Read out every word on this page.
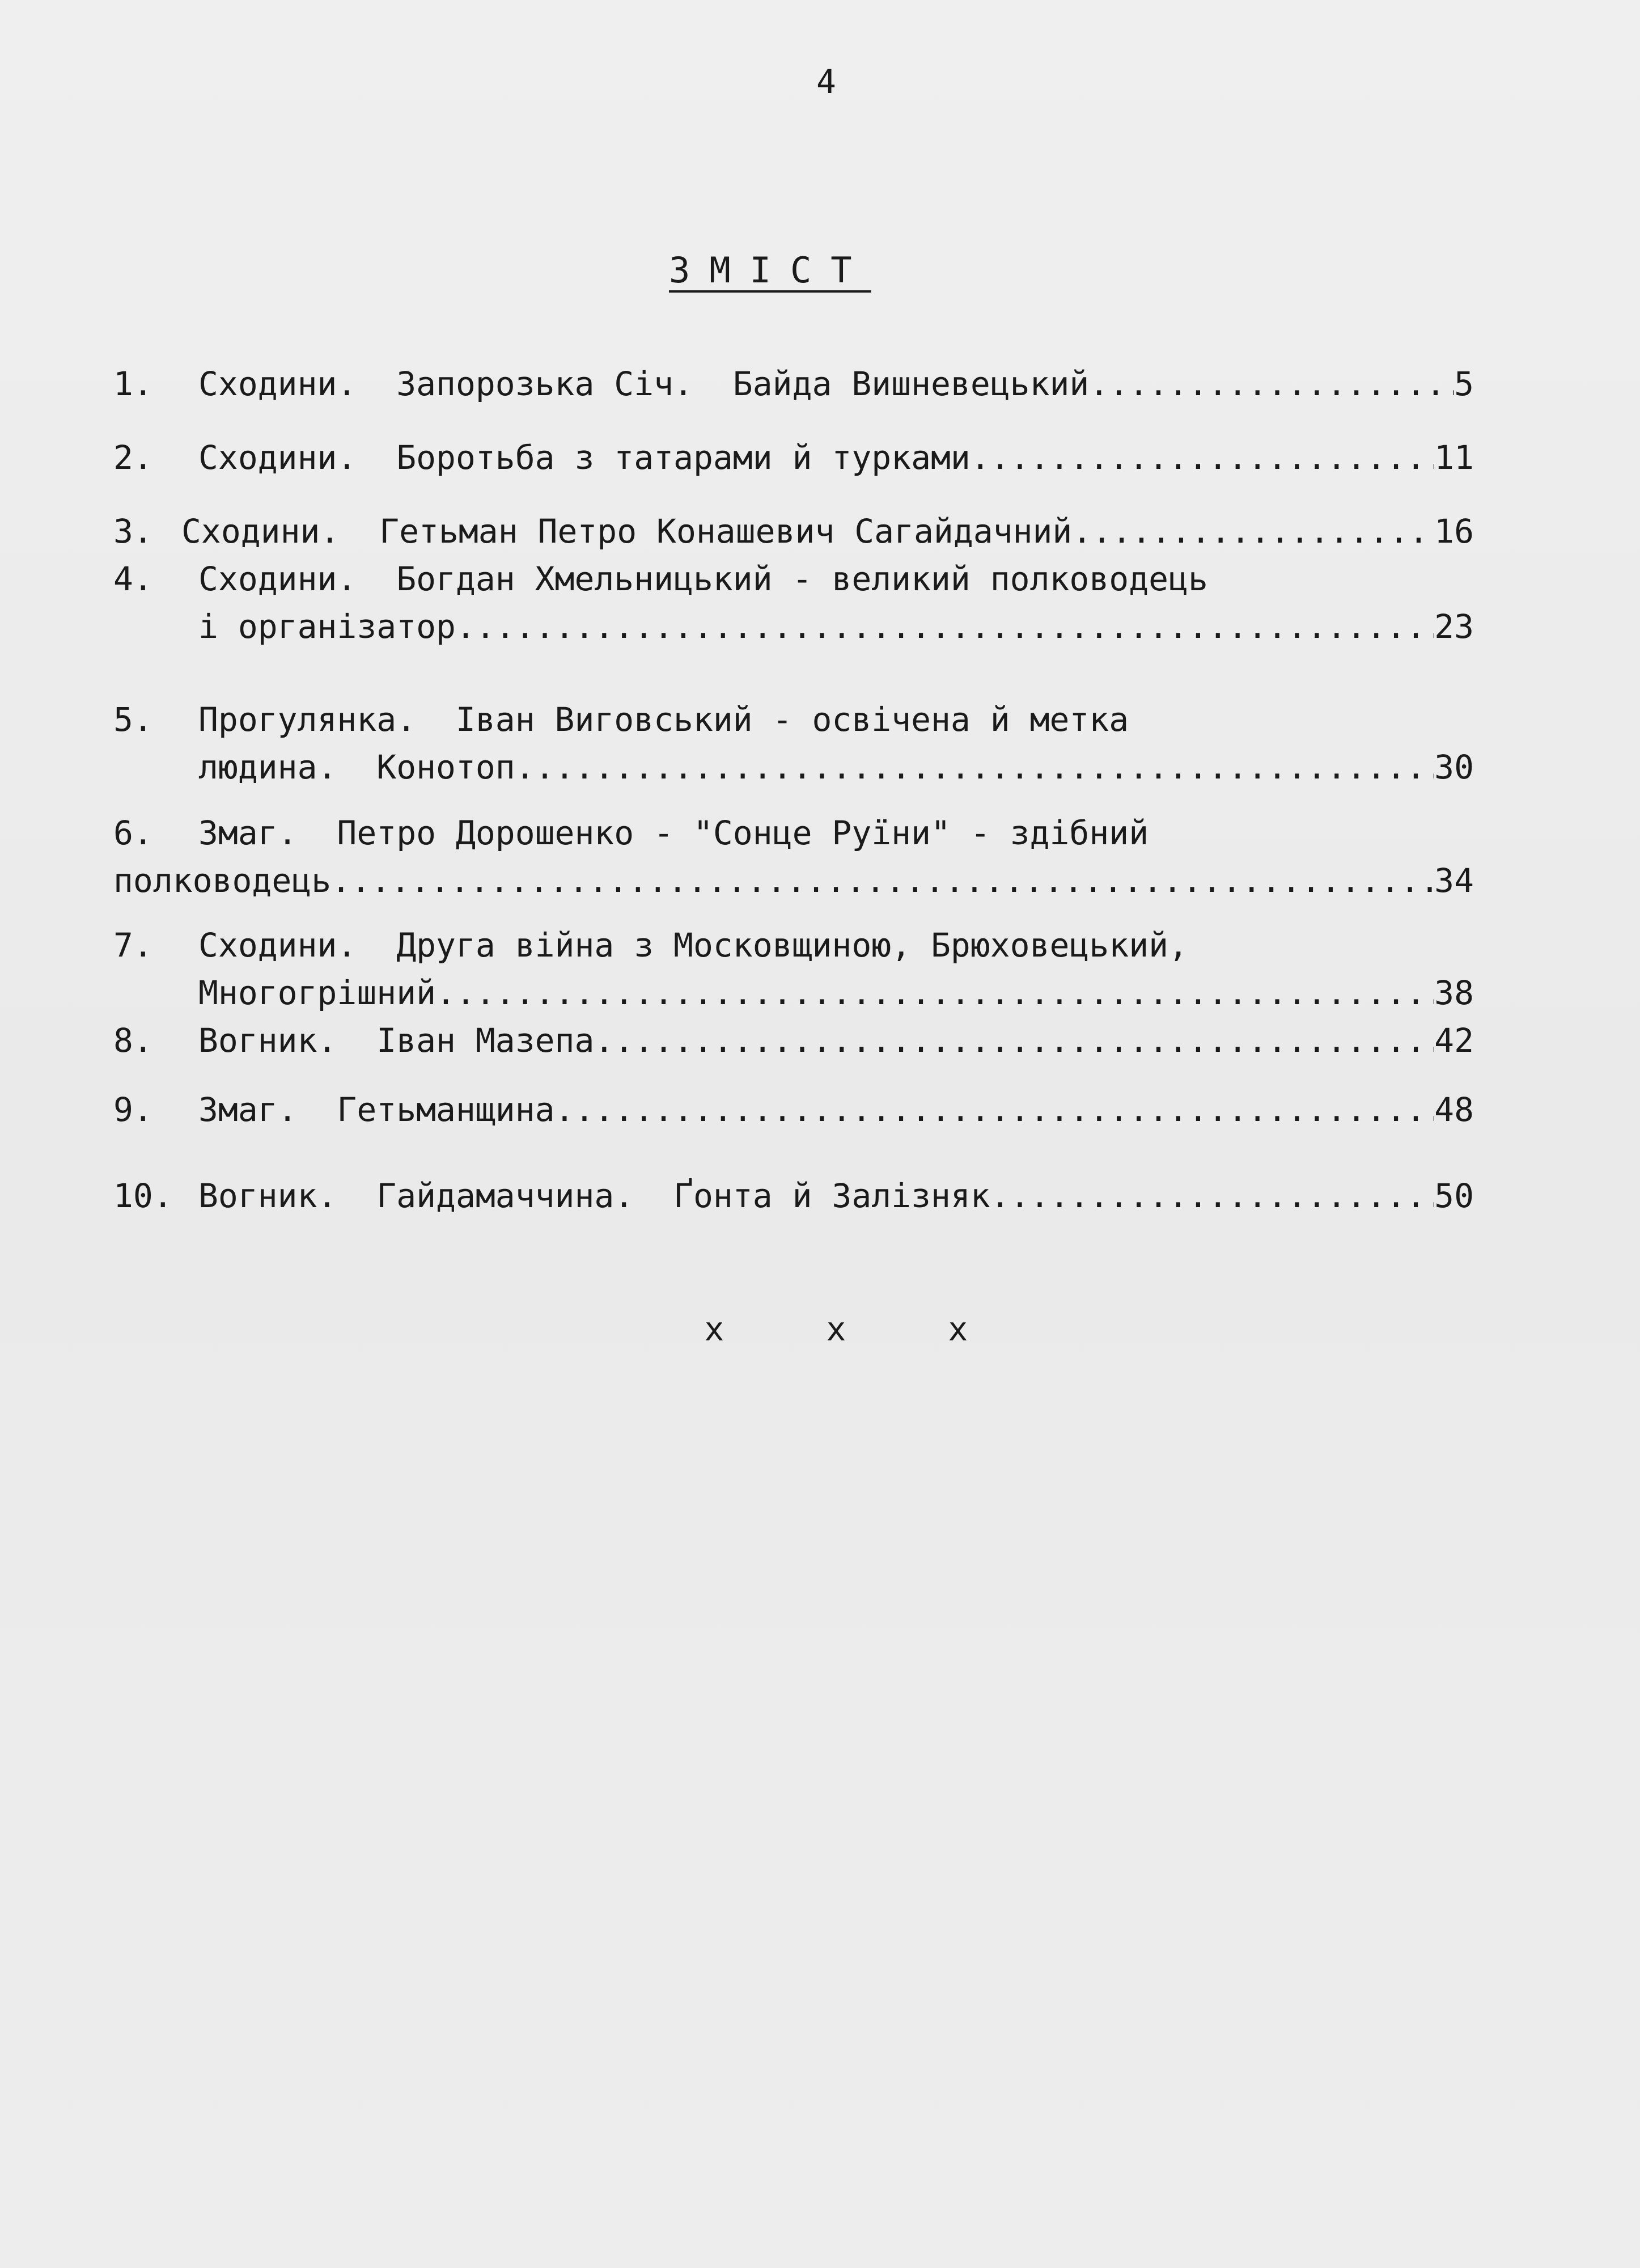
4
ЗМІСТ
1.	Сходини.  Запорозька Січ.  Байда Вишневецький .....	5
2.	Сходини.  Боротьба з татарами й турками .....	11
3. Сходини.  Гетьман Петро Конашевич Сагайдачний .....	16
4.	Сходини.  Богдан Хмельницький - великий полководець
і організатор .....	23
5.	Прогулянка.  Іван Виговський - освічена й метка
людина.  Конотоп .....	30
6.	Змаг.  Петро Дорошенко - "Сонце Руїни" - здібний
полководець .....	34
7.	Сходини.  Друга війна з Московщиною, Брюховецький,
Многогрішний .....	38
8.	Вогник.  Іван Мазепа .....	42
9.	Змаг.  Гетьманщина .....	48
10. Вогник.  Гайдамаччина.  Ґонта й Залізняк .....	50
x	x	x
